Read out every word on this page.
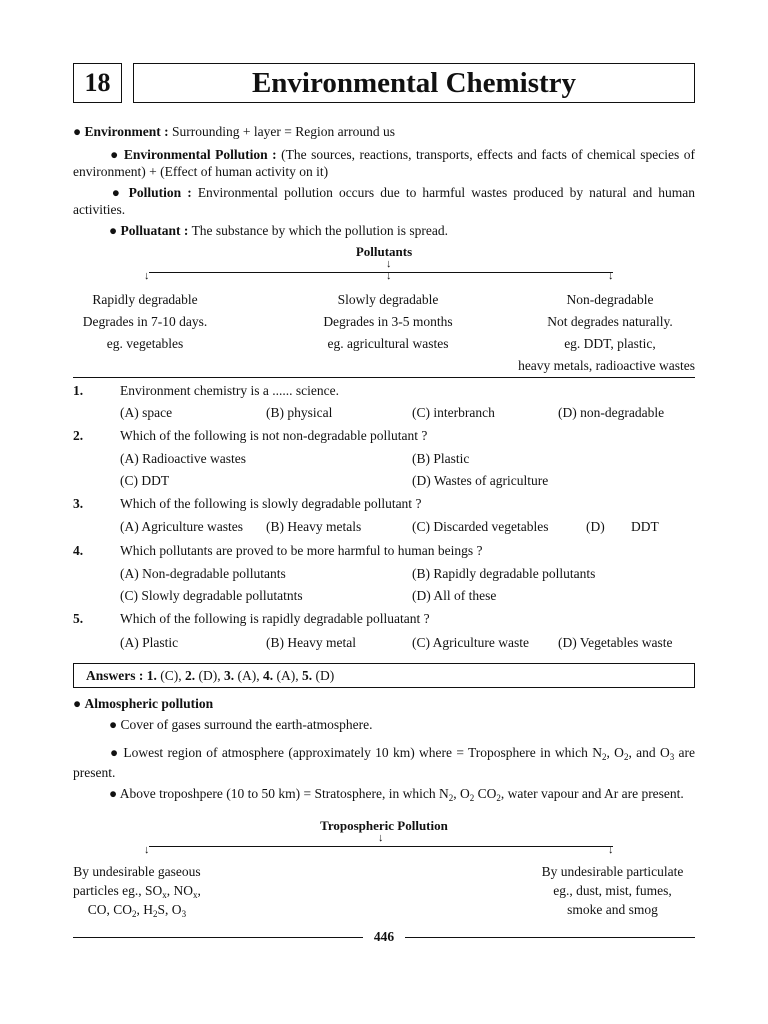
18	Environmental Chemistry
● Environment : Surrounding + layer = Region arround us
● Environmental Pollution : (The sources, reactions, transports, effects and facts of chemical species of environment) + (Effect of human activity on it)
● Pollution : Environmental pollution occurs due to harmful wastes produced by natural and human activities.
● Polluatant : The substance by which the pollution is spread.
Pollutants
↓
↓	↓	↓
Rapidly degradable
Degrades in 7-10 days.
eg. vegetables
Slowly degradable
Degrades in 3-5 months
eg. agricultural wastes
Non-degradable
Not degrades naturally.
eg. DDT, plastic,
heavy metals, radioactive wastes
1.	Environment chemistry is a ...... science.
(A) space	(B) physical	(C) interbranch	(D) non-degradable
2.	Which of the following is not non-degradable pollutant ?
(A) Radioactive wastes	(B) Plastic
(C) DDT	(D) Wastes of agriculture
3.	Which of the following is slowly degradable pollutant ?
(A) Agriculture wastes (B) Heavy metals	(C) Discarded vegetables	(D) DDT
4.	Which pollutants are proved to be more harmful to human beings ?
(A) Non-degradable pollutants	(B) Rapidly degradable pollutants
(C) Slowly degradable pollutatnts	(D) All of these
5.	Which of the following is rapidly degradable polluatant ?
(A) Plastic	(B) Heavy metal	(C) Agriculture waste (D) Vegetables waste
Answers :
1.
(C),
2.
(D),
3.
(A),
4.
(A),
5.
(D)
● Almospheric pollution
● Cover of gases surround the earth-atmosphere.
● Lowest region of atmosphere (approximately 10 km) where = Troposphere in which $N_2$, $O_2$, and $O_3$ are present.
● Above troposhpere (10 to 50 km) = Stratosphere, in which $N_2$, $O_2$ $CO_2$, water vapour and Ar are present.
Tropospheric Pollution
↓
↓	↓
By undesirable gaseous
particles eg., $SO_x$, $NO_x$,
CO, $CO_2$, $H_2S$, $O_3$
By undesirable particulate
eg., dust, mist, fumes,
smoke and smog
446
